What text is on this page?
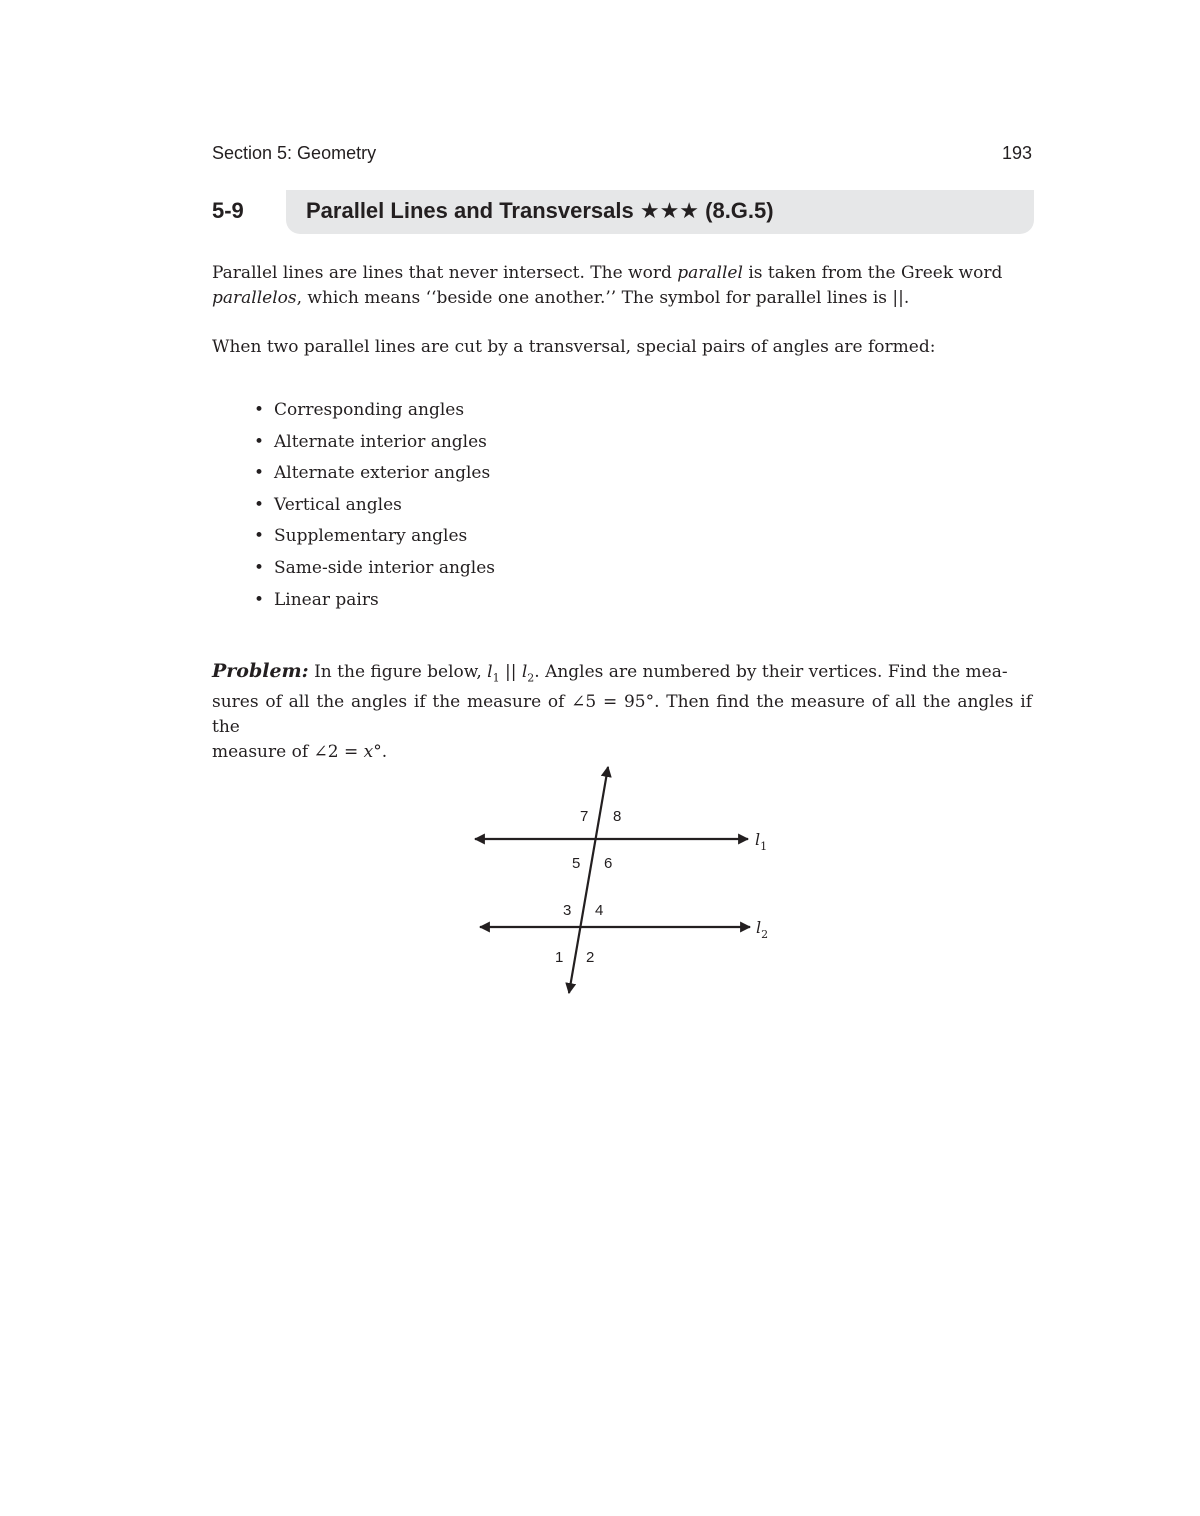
Section 5: Geometry	193
5-9	Parallel Lines and Transversals ★★★ (8.G.5)

Parallel lines are lines that never intersect. The word parallel is taken from the Greek word
parallelos, which means ‘‘beside one another.’’ The symbol for parallel lines is ||.

When two parallel lines are cut by a transversal, special pairs of angles are formed:

• Corresponding angles
• Alternate interior angles
• Alternate exterior angles
• Vertical angles
• Supplementary angles
• Same-side interior angles
• Linear pairs

Problem: In the figure below, $l_1$ || $l_2$. Angles are numbered by their vertices. Find the mea-
sures of all the angles if the measure of ∠5 = 95°. Then find the measure of all the angles if the
measure of ∠2 = x°.

7 8
5 6
3 4
1 2
$l_1$
$l_2$
